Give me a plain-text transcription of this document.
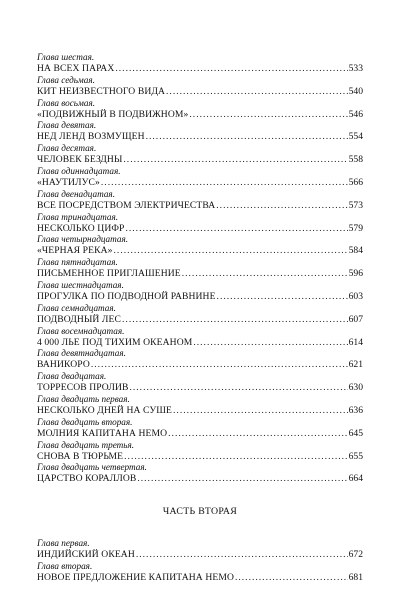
Глава шестая.
НА ВСЕХ ПАРАХ .....	533
Глава седьмая.
КИТ НЕИЗВЕСТНОГО ВИДА .....	540
Глава восьмая.
«ПОДВИЖНЫЙ В ПОДВИЖНОМ» .....	546
Глава девятая.
НЕД ЛЕНД ВОЗМУЩЕН .....	554
Глава десятая.
ЧЕЛОВЕК БЕЗДНЫ .....	558
Глава одиннадцатая.
«НАУТИЛУС» .....	566
Глава двенадцатая.
ВСЕ ПОСРЕДСТВОМ ЭЛЕКТРИЧЕСТВА .....	573
Глава тринадцатая.
НЕСКОЛЬКО ЦИФР .....	579
Глава четырнадцатая.
«ЧЕРНАЯ РЕКА» .....	584
Глава пятнадцатая.
ПИСЬМЕННОЕ ПРИГЛАШЕНИЕ .....	596
Глава шестнадцатая.
ПРОГУЛКА ПО ПОДВОДНОЙ РАВНИНЕ .....	603
Глава семнадцатая.
ПОДВОДНЫЙ ЛЕС .....	607
Глава восемнадцатая.
4 000 ЛЬЕ ПОД ТИХИМ ОКЕАНОМ .....	614
Глава девятнадцатая.
ВАНИКОРО .....	621
Глава двадцатая.
ТОРРЕСОВ ПРОЛИВ .....	630
Глава двадцать первая.
НЕСКОЛЬКО ДНЕЙ НА СУШЕ .....	636
Глава двадцать вторая.
МОЛНИЯ КАПИТАНА НЕМО .....	645
Глава двадцать третья.
СНОВА В ТЮРЬМЕ .....	655
Глава двадцать четвертая.
ЦАРСТВО КОРАЛЛОВ .....	664
ЧАСТЬ ВТОРАЯ
Глава первая.
ИНДИЙСКИЙ ОКЕАН .....	672
Глава вторая.
НОВОЕ ПРЕДЛОЖЕНИЕ КАПИТАНА НЕМО .....	681
